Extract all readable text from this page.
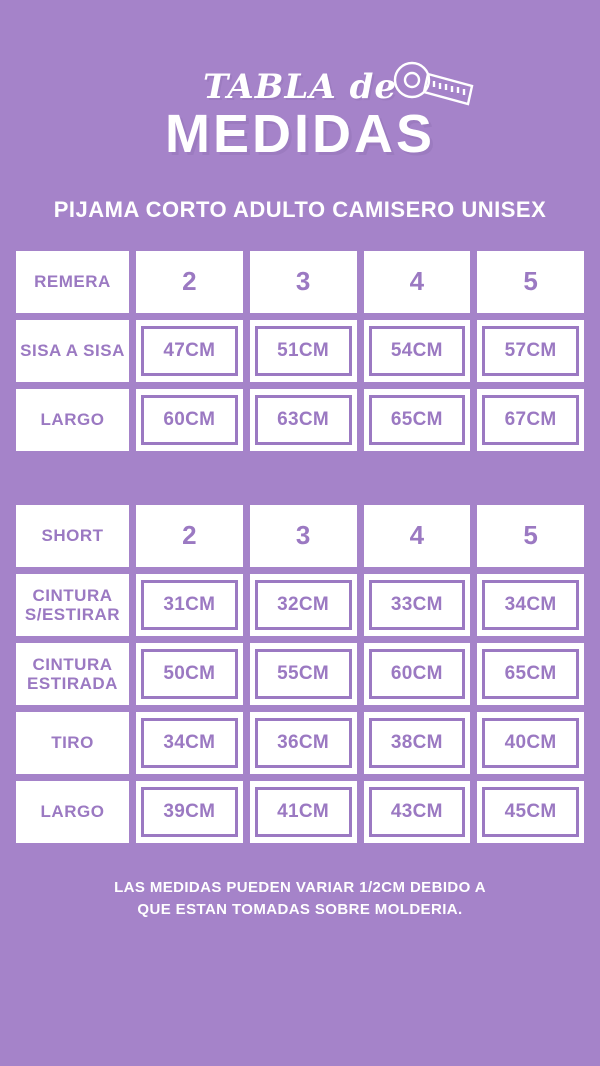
TABLA de
MEDIDAS
PIJAMA CORTO ADULTO CAMISERO UNISEX
REMERA	2	3	4	5
SISA A SISA	47CM	51CM	54CM	57CM
LARGO	60CM	63CM	65CM	67CM
SHORT	2	3	4	5
CINTURA S/ESTIRAR	31CM	32CM	33CM	34CM
CINTURA ESTIRADA	50CM	55CM	60CM	65CM
TIRO	34CM	36CM	38CM	40CM
LARGO	39CM	41CM	43CM	45CM
LAS MEDIDAS PUEDEN VARIAR 1/2CM DEBIDO A
QUE ESTAN TOMADAS SOBRE MOLDERIA.
